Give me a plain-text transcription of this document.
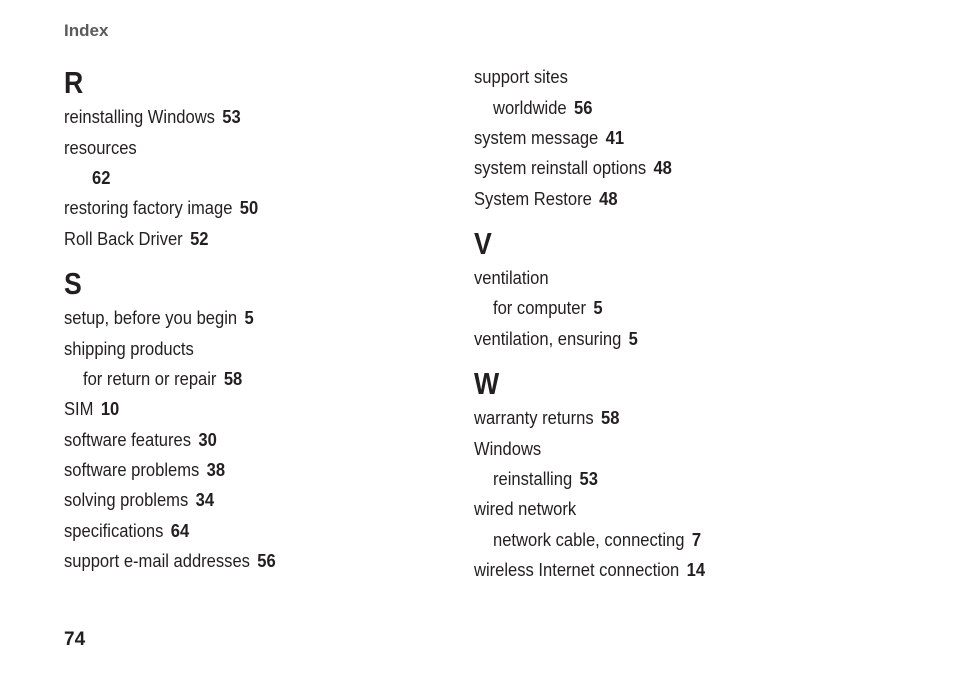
Index
R
reinstalling Windows 53
resources
62
restoring factory image 50
Roll Back Driver 52
S
setup, before you begin 5
shipping products
for return or repair 58
SIM 10
software features 30
software problems 38
solving problems 34
specifications 64
support e-mail addresses 56
support sites
worldwide 56
system message 41
system reinstall options 48
System Restore 48
V
ventilation
for computer 5
ventilation, ensuring 5
W
warranty returns 58
Windows
reinstalling 53
wired network
network cable, connecting 7
wireless Internet connection 14
74
